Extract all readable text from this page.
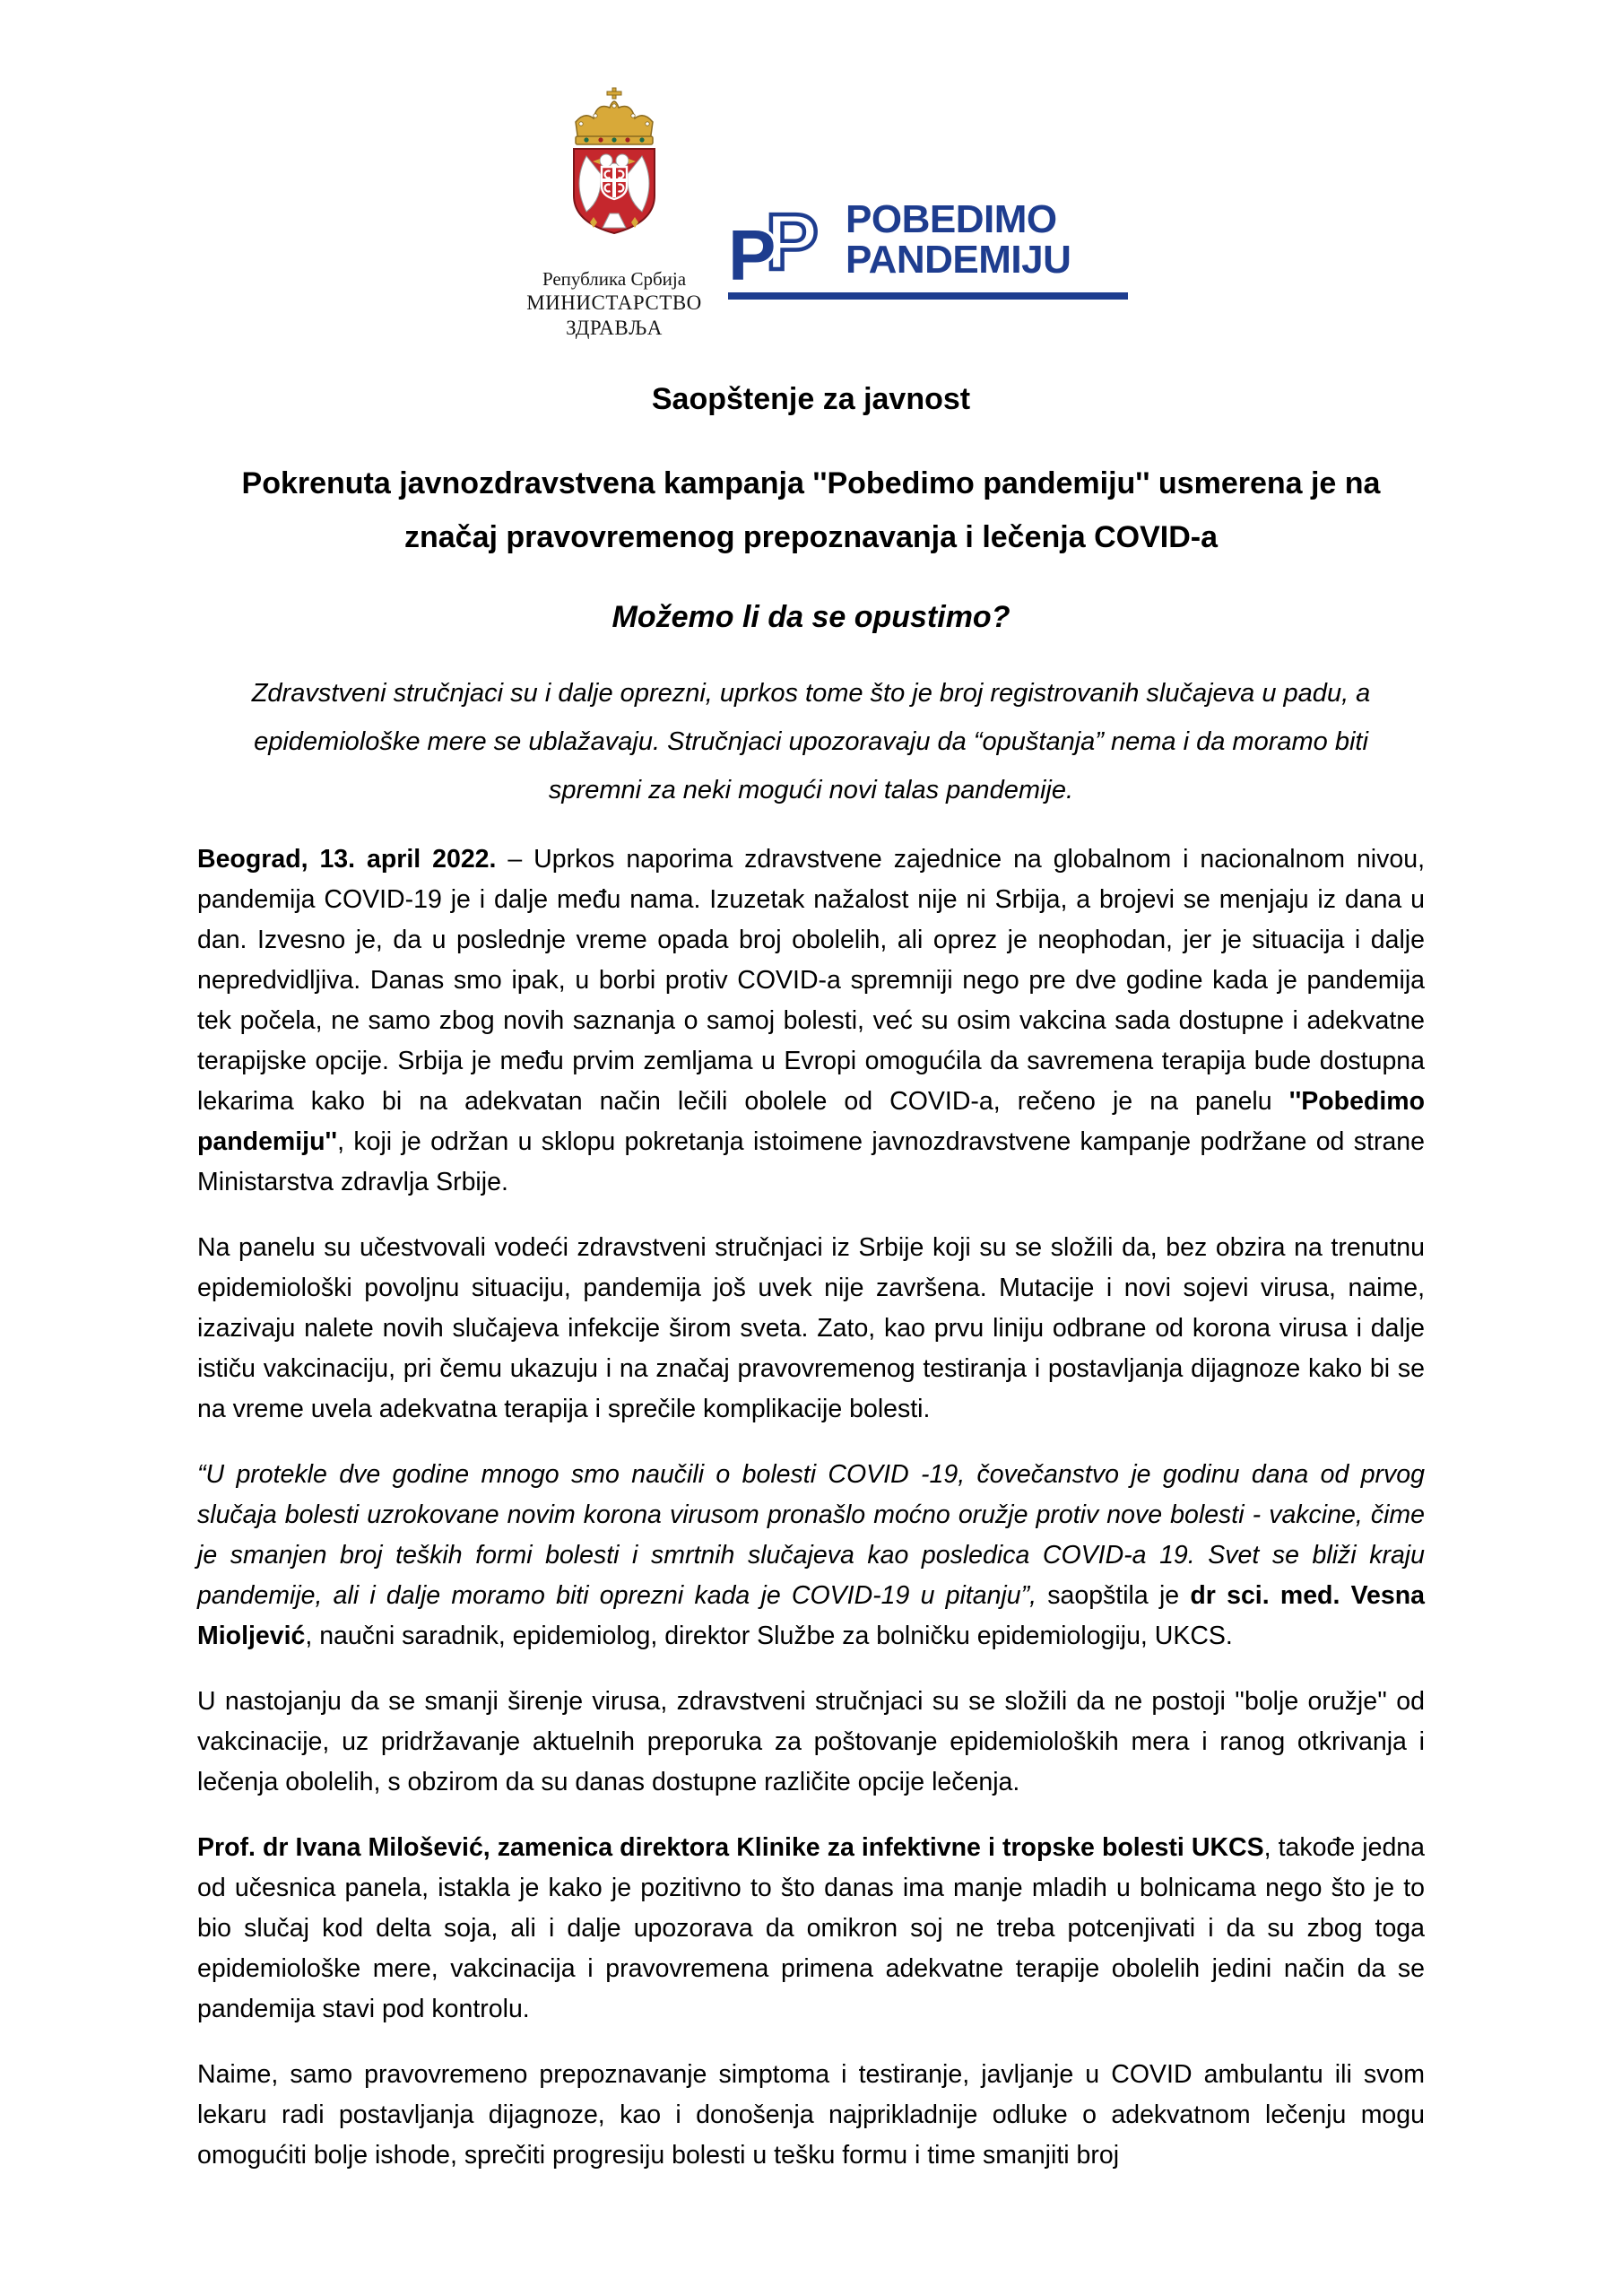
Република Србија
МИНИСТАРСТВО ЗДРАВЉА
P
P POBEDIMO
PANDEMIJU
Saopštenje za javnost
Pokrenuta javnozdravstvena kampanja ''Pobedimo pandemiju'' usmerena je na značaj pravovremenog prepoznavanja i lečenja COVID-a
Možemo li da se opustimo?

Zdravstveni stručnjaci su i dalje oprezni, uprkos tome što je broj registrovanih slučajeva u padu, a epidemiološke mere se ublažavaju. Stručnjaci upozoravaju da “opuštanja” nema i da moramo biti spremni za neki mogući novi talas pandemije.

Beograd, 13. april 2022. – Uprkos naporima zdravstvene zajednice na globalnom i nacionalnom nivou, pandemija COVID-19 je i dalje među nama. Izuzetak nažalost nije ni Srbija, a brojevi se menjaju iz dana u dan. Izvesno je, da u poslednje vreme opada broj obolelih, ali oprez je neophodan, jer je situacija i dalje nepredvidljiva. Danas smo ipak, u borbi protiv COVID-a spremniji nego pre dve godine kada je pandemija tek počela, ne samo zbog novih saznanja o samoj bolesti, već su osim vakcina sada dostupne i adekvatne terapijske opcije. Srbija je među prvim zemljama u Evropi omogućila da savremena terapija bude dostupna lekarima kako bi na adekvatan način lečili obolele od COVID-a, rečeno je na panelu ''Pobedimo pandemiju'', koji je održan u sklopu pokretanja istoimene javnozdravstvene kampanje podržane od strane Ministarstva zdravlja Srbije.

Na panelu su učestvovali vodeći zdravstveni stručnjaci iz Srbije koji su se složili da, bez obzira na trenutnu epidemiološki povoljnu situaciju, pandemija još uvek nije završena. Mutacije i novi sojevi virusa, naime, izazivaju nalete novih slučajeva infekcije širom sveta. Zato, kao prvu liniju odbrane od korona virusa i dalje ističu vakcinaciju, pri čemu ukazuju i na značaj pravovremenog testiranja i postavljanja dijagnoze kako bi se na vreme uvela adekvatna terapija i sprečile komplikacije bolesti.

“U protekle dve godine mnogo smo naučili o bolesti COVID -19, čovečanstvo je godinu dana od prvog slučaja bolesti uzrokovane novim korona virusom pronašlo moćno oružje protiv nove bolesti - vakcine, čime je smanjen broj teških formi bolesti i smrtnih slučajeva kao posledica COVID-a 19. Svet se bliži kraju pandemije, ali i dalje moramo biti oprezni kada je COVID-19 u pitanju”, saopštila je dr sci. med. Vesna Mioljević, naučni saradnik, epidemiolog, direktor Službe za bolničku epidemiologiju, UKCS.

U nastojanju da se smanji širenje virusa, zdravstveni stručnjaci su se složili da ne postoji ''bolje oružje'' od vakcinacije, uz pridržavanje aktuelnih preporuka za poštovanje epidemioloških mera i ranog otkrivanja i lečenja obolelih, s obzirom da su danas dostupne različite opcije lečenja.

Prof. dr Ivana Milošević, zamenica direktora Klinike za infektivne i tropske bolesti UKCS, takođe jedna od učesnica panela, istakla je kako je pozitivno to što danas ima manje mladih u bolnicama nego što je to bio slučaj kod delta soja, ali i dalje upozorava da omikron soj ne treba potcenjivati i da su zbog toga epidemiološke mere, vakcinacija i pravovremena primena adekvatne terapije obolelih jedini način da se pandemija stavi pod kontrolu.

Naime, samo pravovremeno prepoznavanje simptoma i testiranje, javljanje u COVID ambulantu ili svom lekaru radi postavljanja dijagnoze, kao i donošenja najprikladnije odluke o adekvatnom lečenju mogu omogućiti bolje ishode, sprečiti progresiju bolesti u tešku formu i time smanjiti broj
